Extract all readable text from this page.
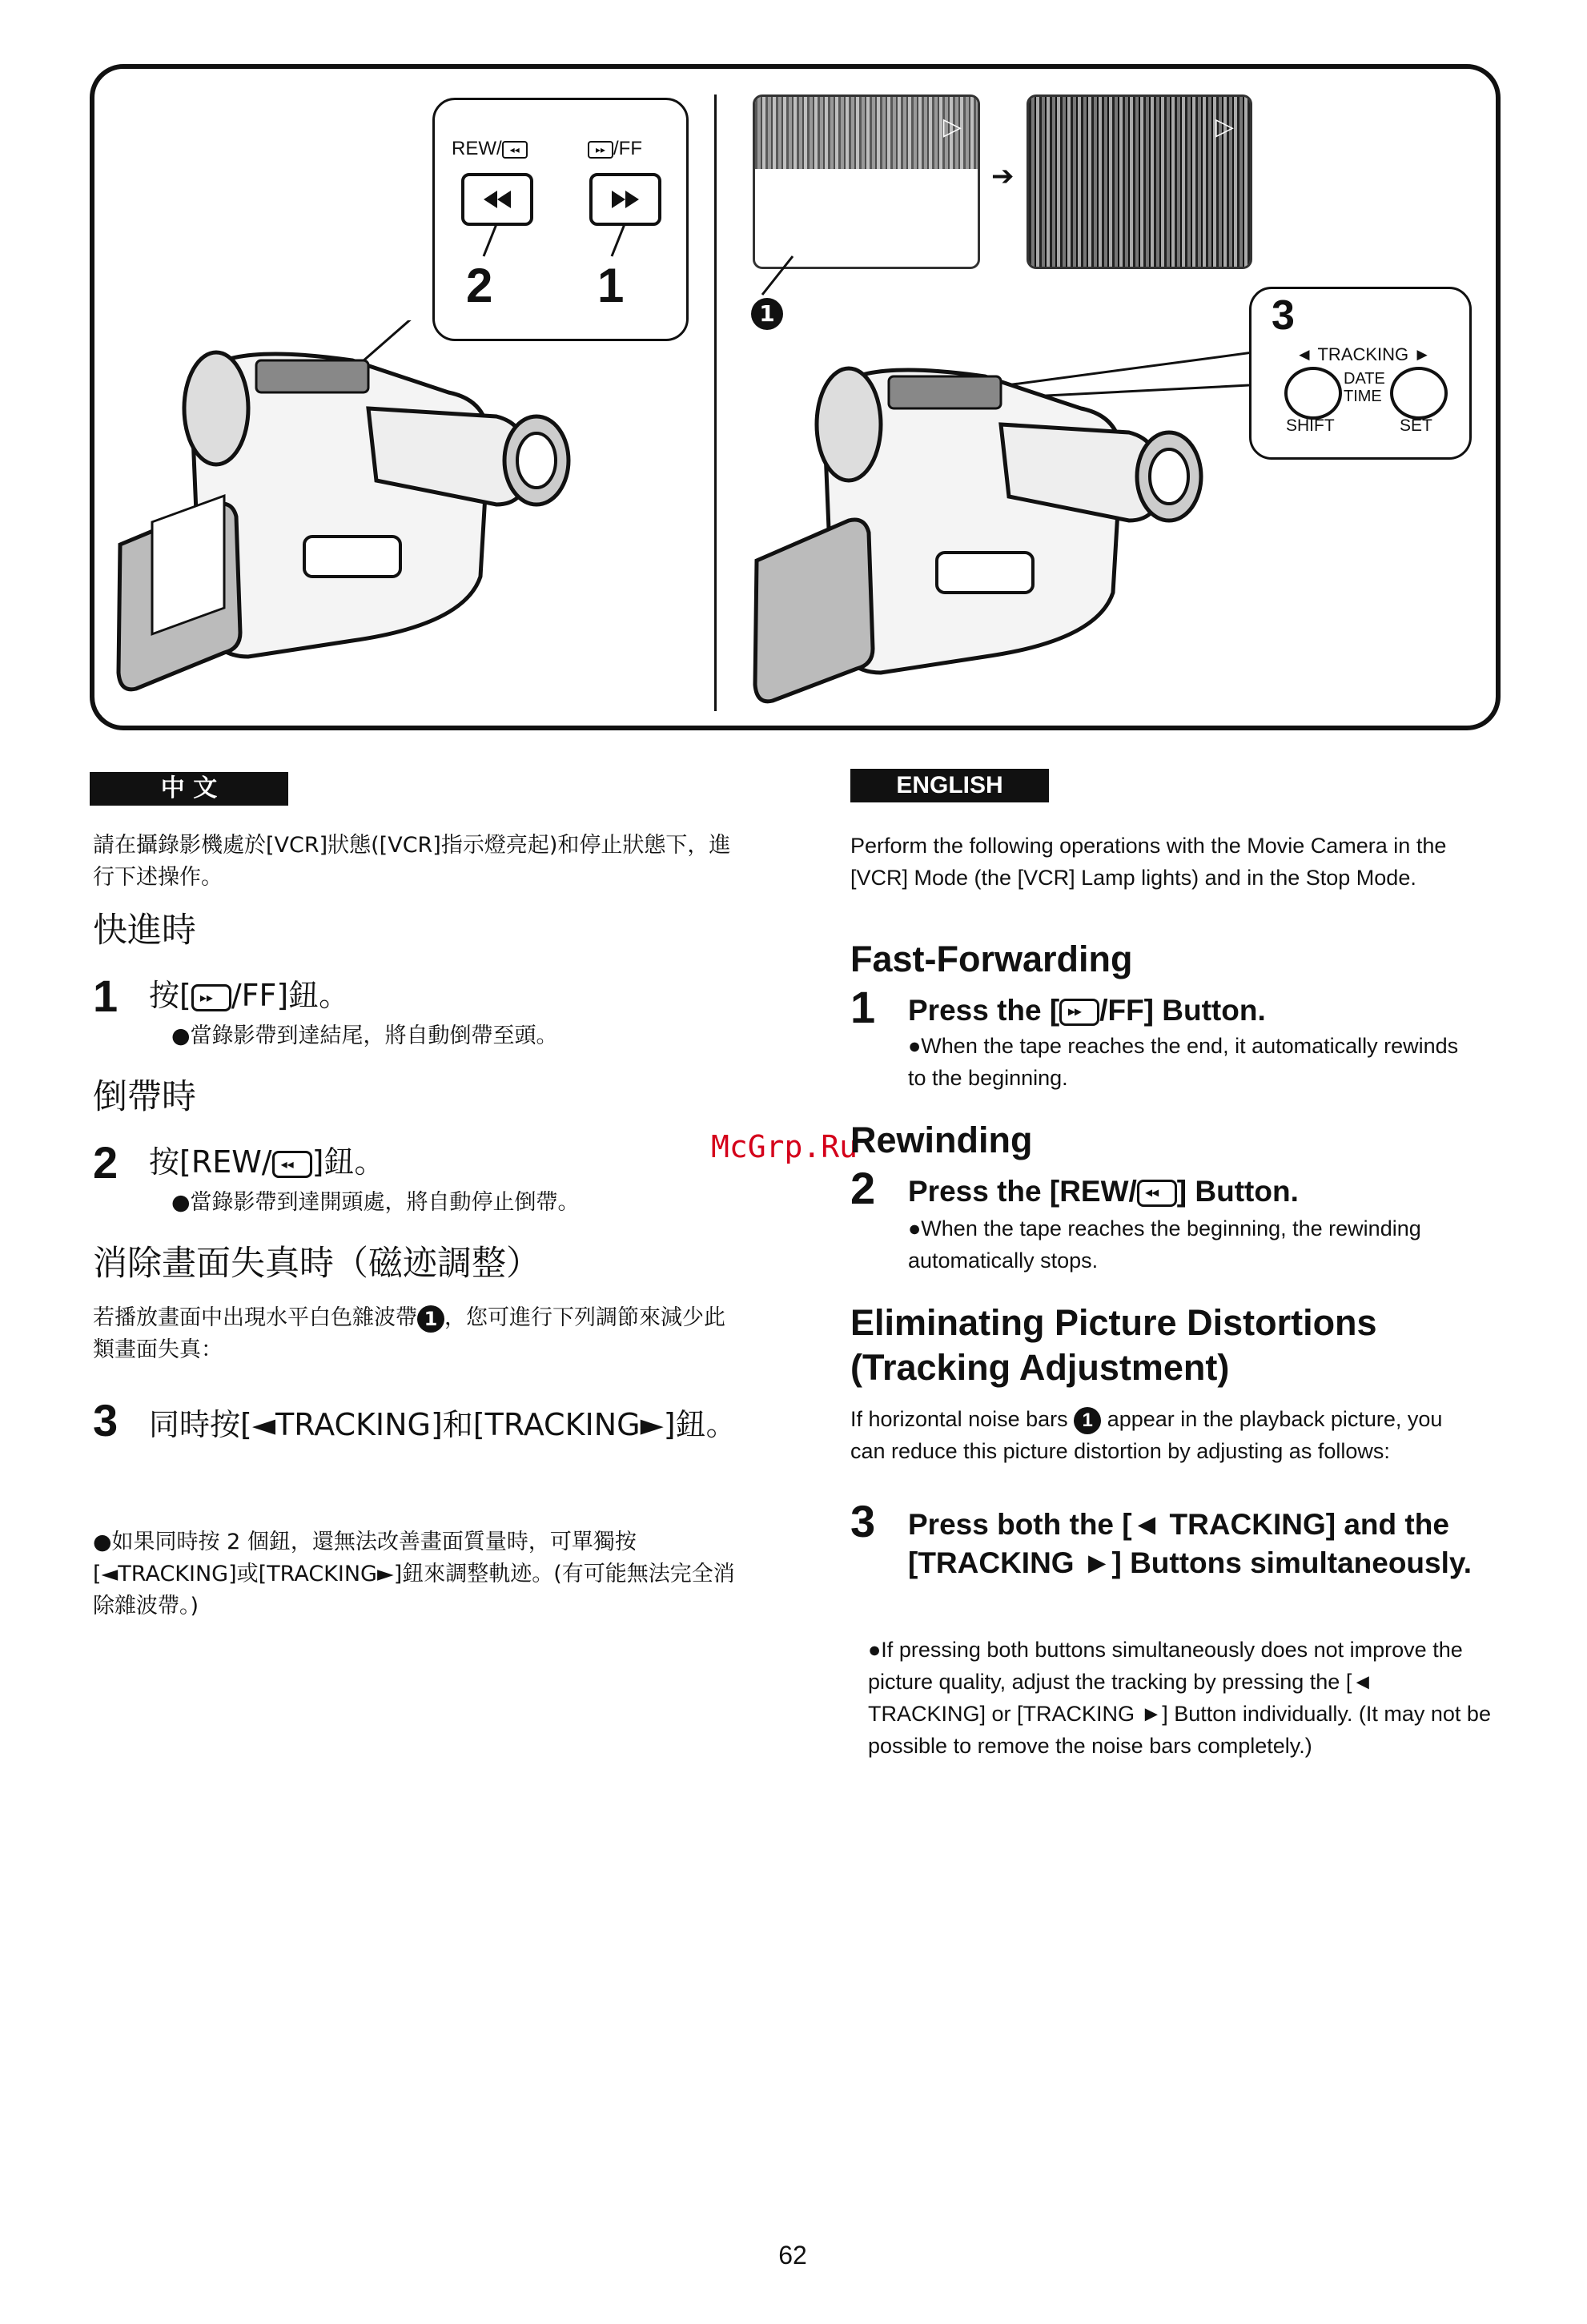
REW/ ◂◂	▸▸ /FF
2 1
▷
➔
▷
1	3
◄ TRACKING ►
DATE
TIME
SHIFT	SET
中 文
請在攝錄影機處於[VCR]狀態([VCR]指示燈亮起)和停止狀態下，進行下述操作。
快進時
1 按[ ▸▸ /FF]鈕。
●當錄影帶到達結尾，將自動倒帶至頭。
倒帶時
2 按[REW/ ◂◂ ]鈕。
●當錄影帶到達開頭處，將自動停止倒帶。
消除畫面失真時（磁迹調整）
若播放畫面中出現水平白色雜波帶 1 ，您可進行下列調節來減少此類畫面失真：
3 同時按[◄TRACKING]和[TRACKING►]鈕。
●如果同時按 2 個鈕，還無法改善畫面質量時，可單獨按[◄TRACKING]或[TRACKING►]鈕來調整軌迹。(有可能無法完全消除雜波帶。)
ENGLISH
Perform the following operations with the Movie Camera in the [VCR] Mode (the [VCR] Lamp lights) and in the Stop Mode.
Fast-Forwarding
1 Press the [ ▸▸ /FF] Button.
●When the tape reaches the end, it automatically rewinds to the beginning.
McGrp.Ru
Rewinding
2 Press the [REW/ ◂◂ ] Button.
●When the tape reaches the beginning, the rewinding automatically stops.
Eliminating Picture Distortions
(Tracking Adjustment)
If horizontal noise bars 1 appear in the playback picture, you can reduce this picture distortion by adjusting as follows:
3 Press both the [◄ TRACKING] and the [TRACKING ►] Buttons simultaneously.
●If pressing both buttons simultaneously does not improve the picture quality, adjust the tracking by pressing the [◄ TRACKING] or [TRACKING ►] Button individually. (It may not be possible to remove the noise bars completely.)
62
